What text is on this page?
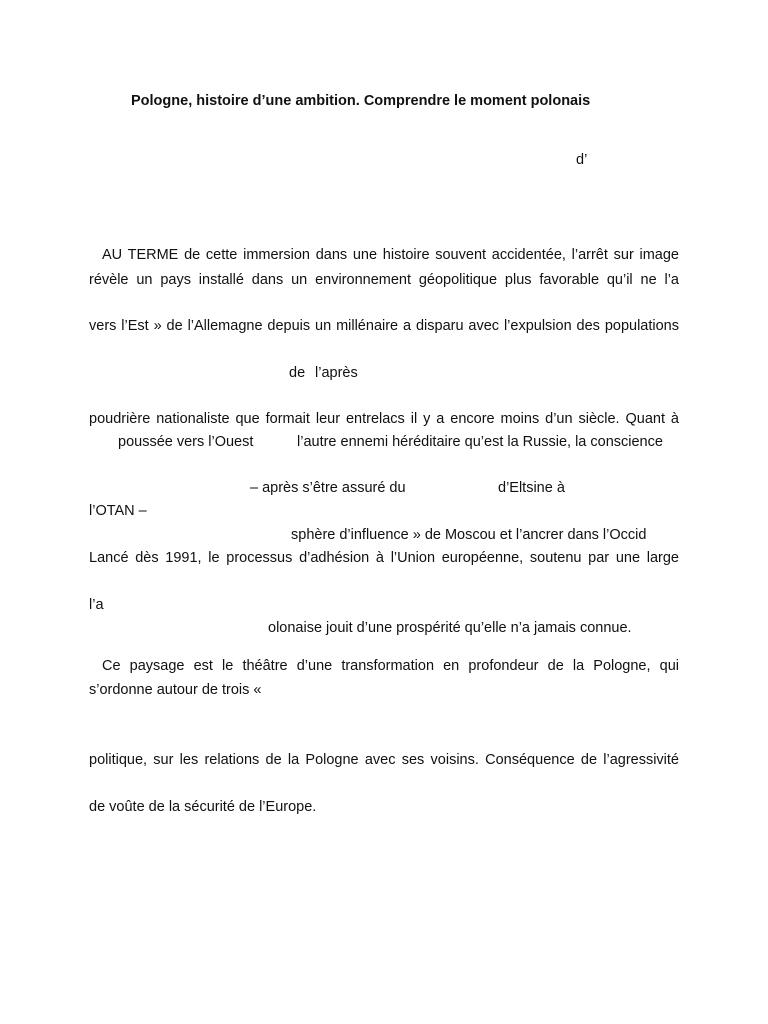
Pologne, histoire d’une ambition. Comprendre le moment polonais
d’
AU TERME de cette immersion dans une histoire souvent accidentée, l’arrêt sur image
révèle un pays installé dans un environnement géopolitique plus favorable qu’il ne l’a
vers l’Est » de l’Allemagne depuis un millénaire a disparu avec l’expulsion des populations
de l’après
poudrière nationaliste que formait leur entrelacs il y a encore moins d’un siècle. Quant à
poussée vers l’Ouest	l’autre ennemi héréditaire qu’est la Russie, la conscience
– après s’être assuré du	d’Eltsine à
l’OTAN –
sphère d’influence » de Moscou et l’ancrer dans l’Occid
Lancé dès 1991, le processus d’adhésion à l’Union européenne, soutenu par une large
l’a
olonaise jouit d’une prospérité qu’elle n’a jamais connue.
Ce paysage est le théâtre d’une transformation en profondeur de la Pologne, qui
s’ordonne autour de trois «
politique, sur les relations de la Pologne avec ses voisins. Conséquence de l’agressivité
de voûte de la sécurité de l’Europe.
